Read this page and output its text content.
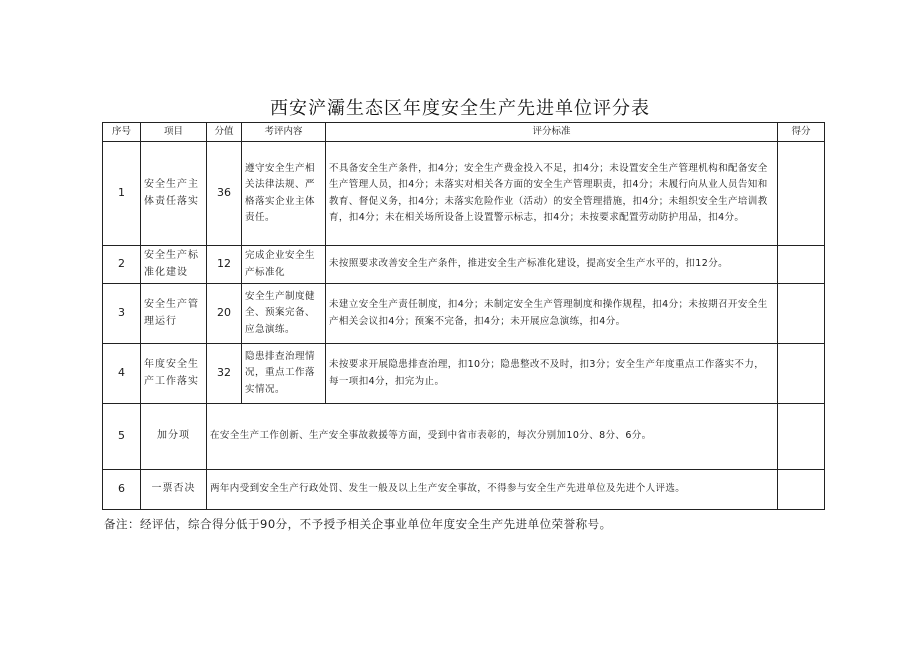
西安浐灞生态区年度安全生产先进单位评分表
序号	项目	分值	考评内容	评分标准	得分
1	安全生产主体责任落实	36	遵守安全生产相关法律法规、严格落实企业主体责任。	不具备安全生产条件，扣4分；安全生产费金投入不足，扣4分；未设置安全生产管理机构和配备安全生产管理人员，扣4分；未落实对相关各方面的安全生产管理职责，扣4分；未履行向从业人员告知和教育、督促义务，扣4分；未落实危险作业（活动）的安全管理措施，扣4分；未组织安全生产培训教育，扣4分；未在相关场所设备上设置警示标志，扣4分；未按要求配置劳动防护用品，扣4分。	
2	安全生产标准化建设	12	完成企业安全生产标准化	未按照要求改善安全生产条件，推进安全生产标准化建设，提高安全生产水平的，扣12分。	
3	安全生产管理运行	20	安全生产制度健全、预案完备、应急演练。	未建立安全生产责任制度，扣4分；未制定安全生产管理制度和操作规程，扣4分；未按期召开安全生产相关会议扣4分；预案不完备，扣4分；未开展应急演练，扣4分。	
4	年度安全生产工作落实	32	隐患排查治理情况，重点工作落实情况。	未按要求开展隐患排查治理，扣10分；隐患整改不及时，扣3分；安全生产年度重点工作落实不力，每一项扣4分，扣完为止。	
5	加分项	在安全生产工作创新、生产安全事故救援等方面，受到中省市表彰的，每次分别加10分、8分、6分。			
6	一票否决	两年内受到安全生产行政处罚、发生一般及以上生产安全事故，不得参与安全生产先进单位及先进个人评选。			
备注：经评估，综合得分低于90分，不予授予相关企事业单位年度安全生产先进单位荣誉称号。
